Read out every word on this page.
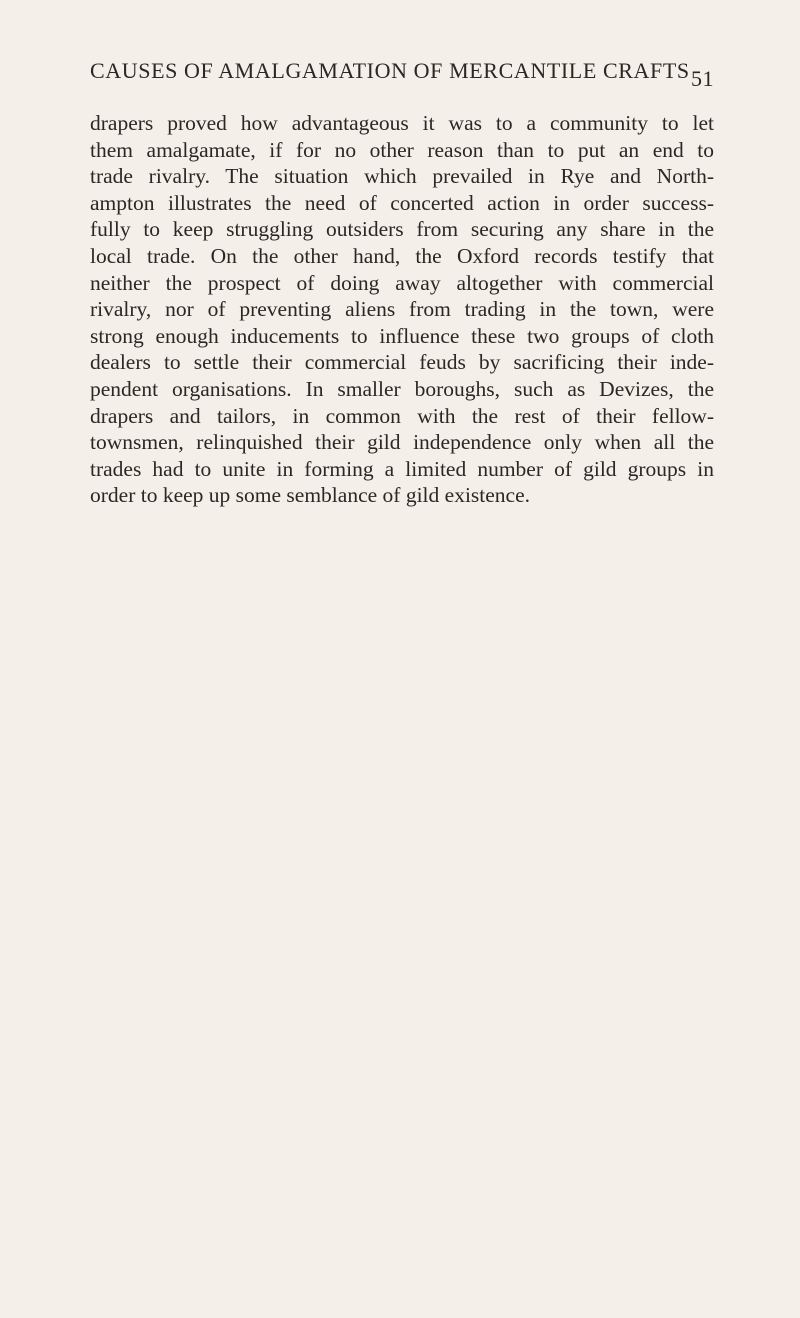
CAUSES OF AMALGAMATION OF MERCANTILE CRAFTS 51
drapers proved how advantageous it was to a community to let
them amalgamate, if for no other reason than to put an end to
trade rivalry. The situation which prevailed in Rye and North-
ampton illustrates the need of concerted action in order success-
fully to keep struggling outsiders from securing any share in the
local trade. On the other hand, the Oxford records testify that
neither the prospect of doing away altogether with commercial
rivalry, nor of preventing aliens from trading in the town, were
strong enough inducements to influence these two groups of cloth
dealers to settle their commercial feuds by sacrificing their inde-
pendent organisations. In smaller boroughs, such as Devizes, the
drapers and tailors, in common with the rest of their fellow-
townsmen, relinquished their gild independence only when all the
trades had to unite in forming a limited number of gild groups in
order to keep up some semblance of gild existence.
